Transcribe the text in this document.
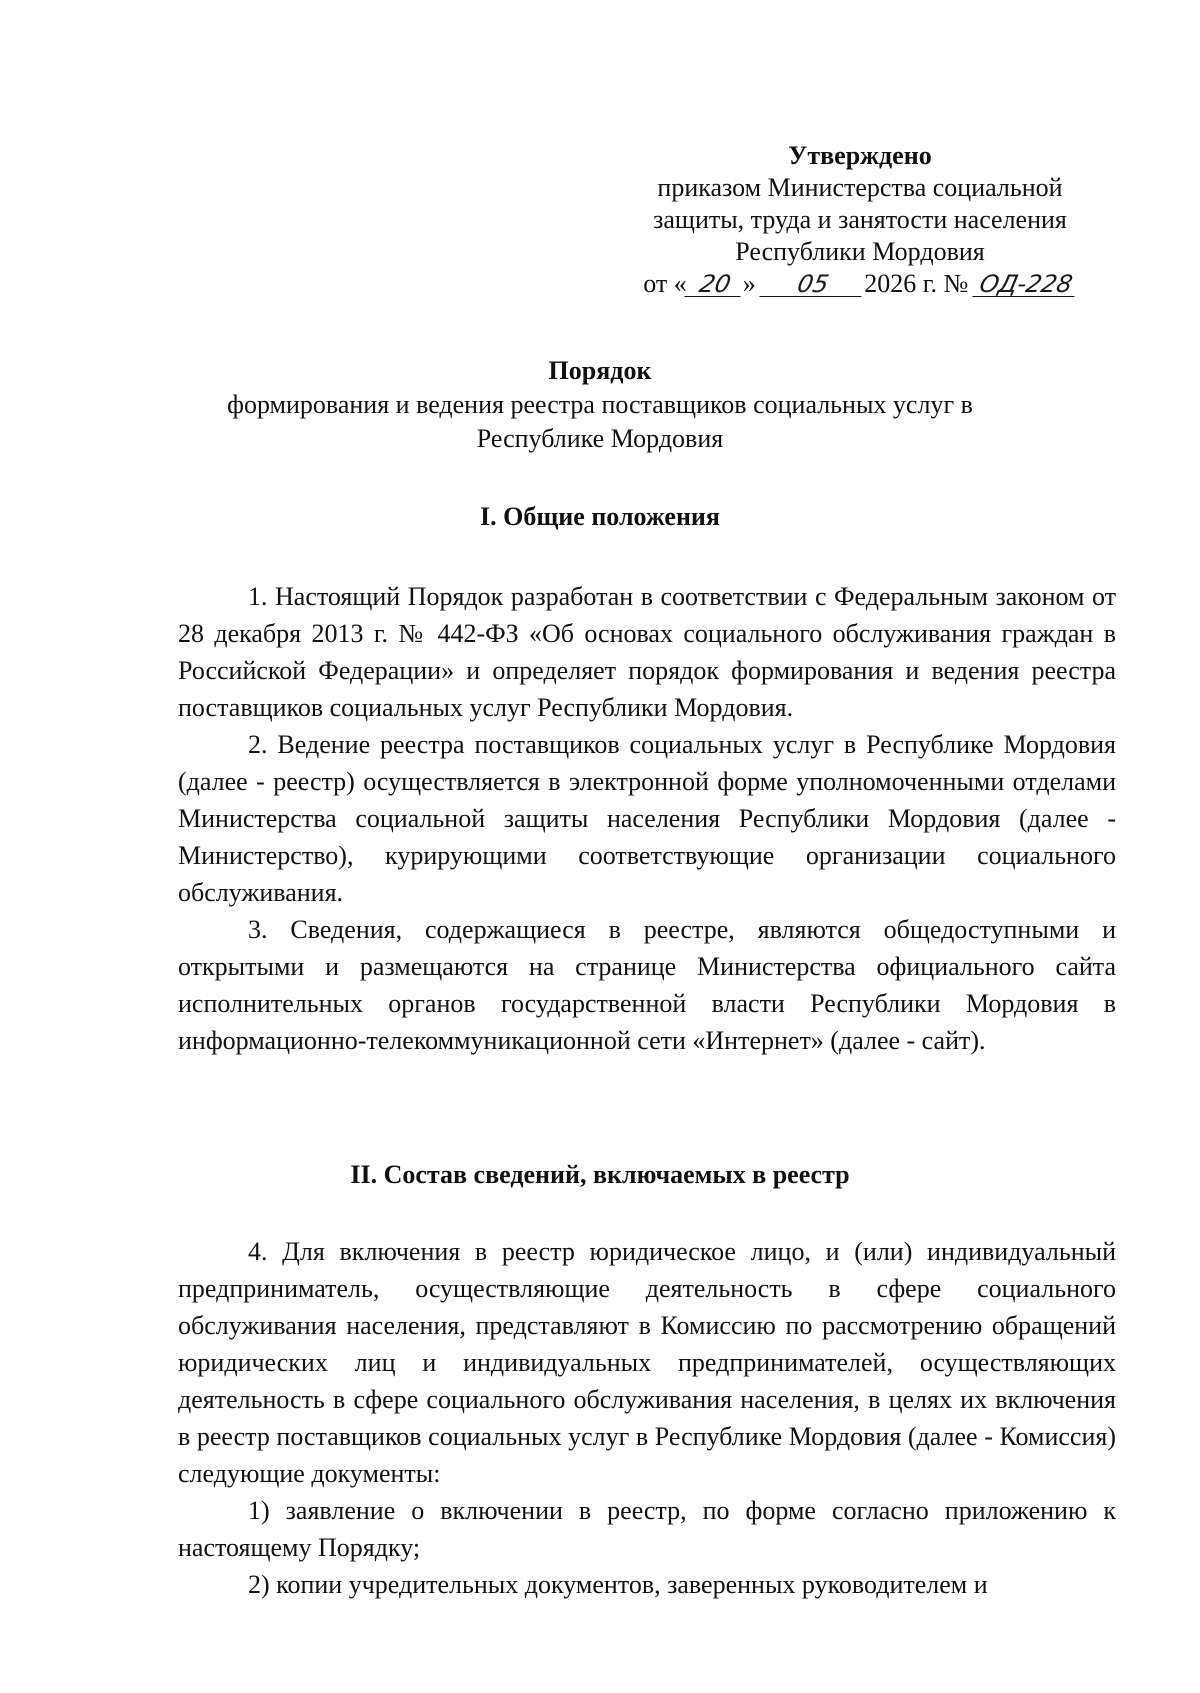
Утверждено
приказом Министерства социальной
защиты, труда и занятости населения
Республики Мордовия
от « 20 » 05 2026 г. № ОД-228
Порядок
формирования и ведения реестра поставщиков социальных услуг в
Республике Мордовия
I. Общие положения

1. Настоящий Порядок разработан в соответствии с Федеральным законом от 28 декабря 2013 г. № 442-ФЗ «Об основах социального обслуживания граждан в Российской Федерации» и определяет порядок формирования и ведения реестра поставщиков социальных услуг Республики Мордовия.

2. Ведение реестра поставщиков социальных услуг в Республике Мордовия (далее - реестр) осуществляется в электронной форме уполномоченными отделами Министерства социальной защиты населения Республики Мордовия (далее - Министерство), курирующими соответствующие организации социального обслуживания.

3. Сведения, содержащиеся в реестре, являются общедоступными и открытыми и размещаются на странице Министерства официального сайта исполнительных органов государственной власти Республики Мордовия в информационно-телекоммуникационной сети «Интернет» (далее - сайт).

II. Состав сведений, включаемых в реестр

4. Для включения в реестр юридическое лицо, и (или) индивидуальный предприниматель, осуществляющие деятельность в сфере социального обслуживания населения, представляют в Комиссию по рассмотрению обращений юридических лиц и индивидуальных предпринимателей, осуществляющих деятельность в сфере социального обслуживания населения, в целях их включения в реестр поставщиков социальных услуг в Республике Мордовия (далее - Комиссия) следующие документы:

1) заявление о включении в реестр, по форме согласно приложению к настоящему Порядку;

2) копии учредительных документов, заверенных руководителем и
